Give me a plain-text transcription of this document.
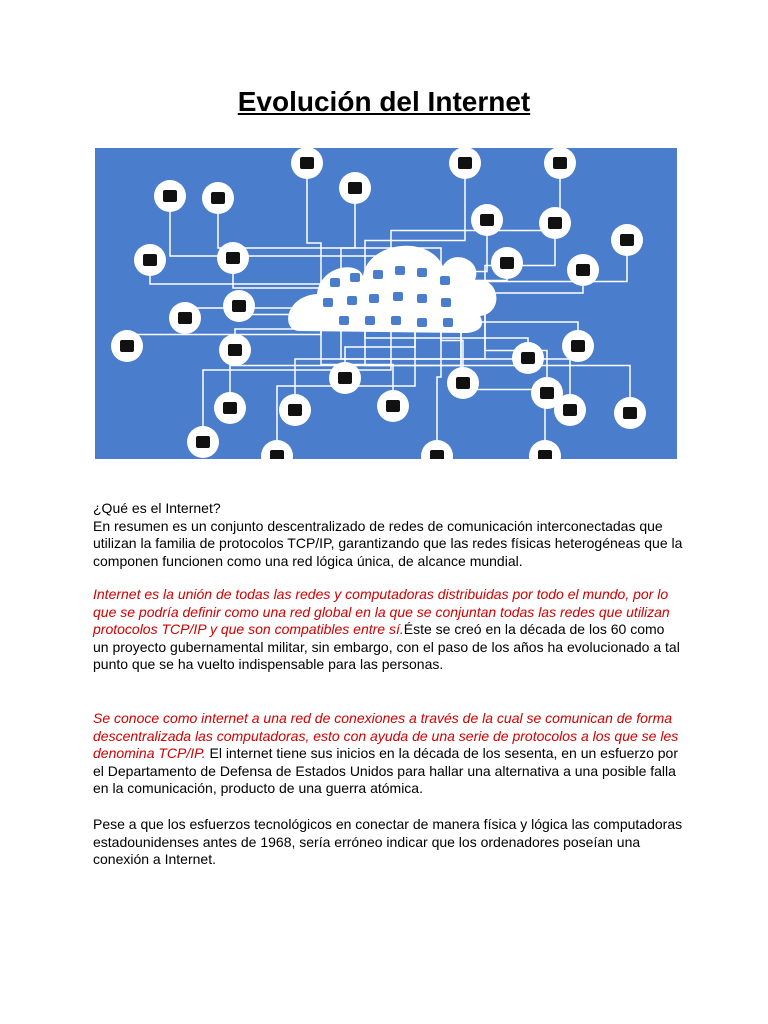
Evolución del Internet

¿Qué es el Internet?

En resumen es un conjunto descentralizado de redes de comunicación interconectadas que utilizan la familia de protocolos TCP/IP, garantizando que las redes físicas heterogéneas que la componen funcionen como una red lógica única, de alcance mundial.

Internet es la unión de todas las redes y computadoras distribuidas por todo el mundo, por lo que se podría definir como una red global en la que se conjuntan todas las redes que utilizan protocolos TCP/IP y que son compatibles entre sí.Éste se creó en la década de los 60 como un proyecto gubernamental militar, sin embargo, con el paso de los años ha evolucionado a tal punto que se ha vuelto indispensable para las personas.

Se conoce como internet a una red de conexiones a través de la cual se comunican de forma descentralizada las computadoras, esto con ayuda de una serie de protocolos a los que se les denomina TCP/IP. El internet tiene sus inicios en la década de los sesenta, en un esfuerzo por el Departamento de Defensa de Estados Unidos para hallar una alternativa a una posible falla en la comunicación, producto de una guerra atómica.

Pese a que los esfuerzos tecnológicos en conectar de manera física y lógica las computadoras estadounidenses antes de 1968, sería erróneo indicar que los ordenadores poseían una conexión a Internet.
